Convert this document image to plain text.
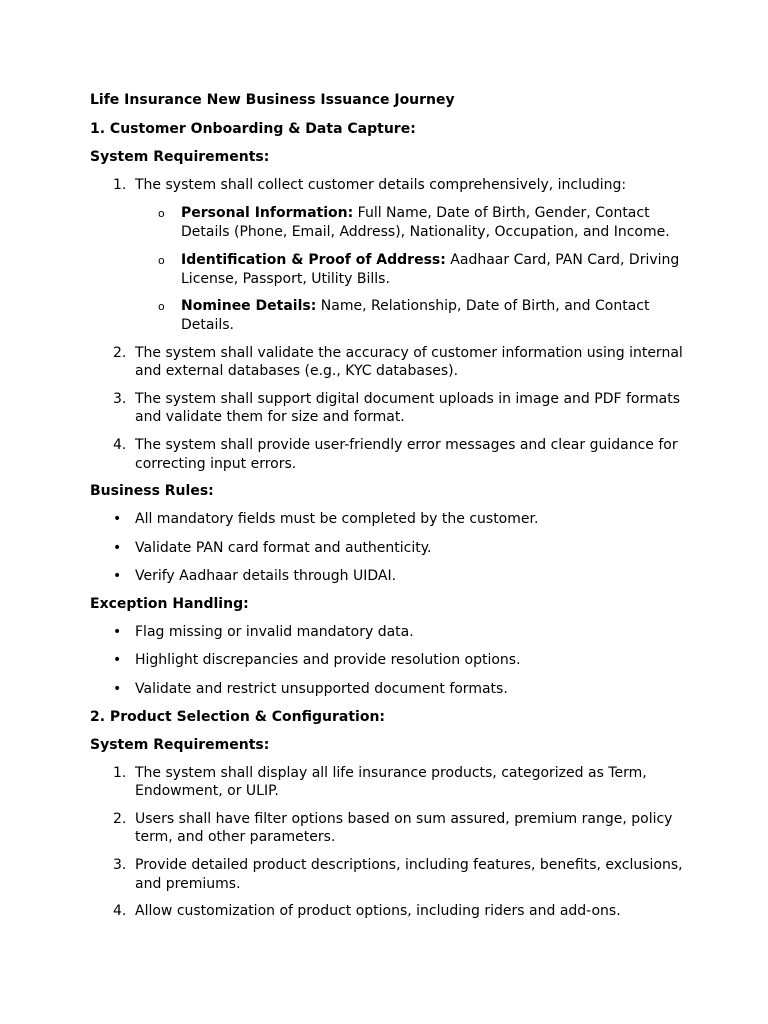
Life Insurance New Business Issuance Journey
1. Customer Onboarding & Data Capture:
System Requirements:
1. The system shall collect customer details comprehensively, including:
o Personal Information: Full Name, Date of Birth, Gender, Contact
Details (Phone, Email, Address), Nationality, Occupation, and Income.
o Identification & Proof of Address: Aadhaar Card, PAN Card, Driving
License, Passport, Utility Bills.
o Nominee Details: Name, Relationship, Date of Birth, and Contact
Details.
2. The system shall validate the accuracy of customer information using internal
and external databases (e.g., KYC databases).
3. The system shall support digital document uploads in image and PDF formats
and validate them for size and format.
4. The system shall provide user-friendly error messages and clear guidance for
correcting input errors.
Business Rules:
• All mandatory fields must be completed by the customer.
• Validate PAN card format and authenticity.
• Verify Aadhaar details through UIDAI.
Exception Handling:
• Flag missing or invalid mandatory data.
• Highlight discrepancies and provide resolution options.
• Validate and restrict unsupported document formats.
2. Product Selection & Configuration:
System Requirements:
1. The system shall display all life insurance products, categorized as Term,
Endowment, or ULIP.
2. Users shall have filter options based on sum assured, premium range, policy
term, and other parameters.
3. Provide detailed product descriptions, including features, benefits, exclusions,
and premiums.
4. Allow customization of product options, including riders and add-ons.
